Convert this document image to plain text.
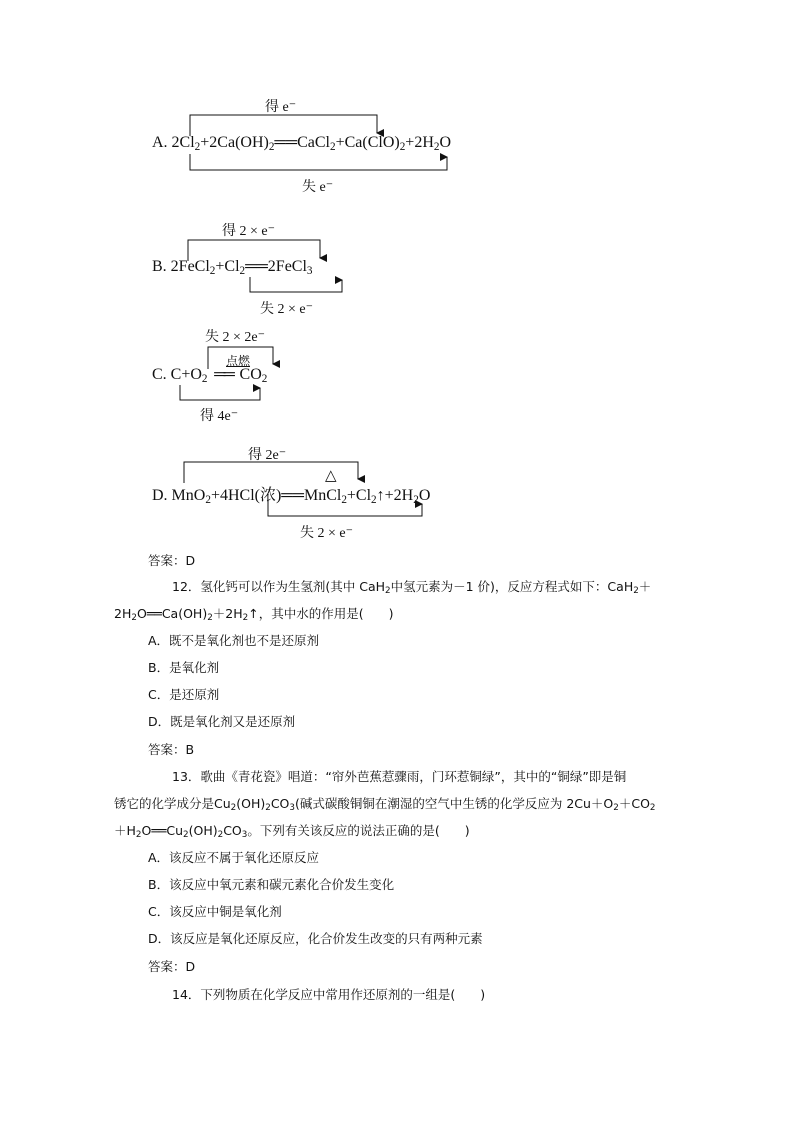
得 e⁻
A. $2Cl_2+2Ca(OH)_2══CaCl_2+Ca(ClO)_2+2H_2O$
失 e⁻
得 2 × e⁻
B. $2FeCl_2+Cl_2══2FeCl_3$
失 2 × e⁻
失 2 × 2e⁻
点燃
C. $C+O_2$ ══ $CO_2$
得 4e⁻
得 2e⁻
△
D. MnO$_2$+4HCl(浓)$══MnCl_2+Cl_2↑+2H_2O$
失 2 × e⁻
答案：D
12．氢化钙可以作为生氢剂(其中 CaH$_2$中氢元素为－1 价)，反应方程式如下：CaH$_2$＋
$2H_2O══Ca(OH)_2+2H_2↑$，其中水的作用是(　　)
A．既不是氧化剂也不是还原剂
B．是氧化剂
C．是还原剂
D．既是氧化剂又是还原剂
答案：B
13．歌曲《青花瓷》唱道：“帘外芭蕉惹骤雨，门环惹铜绿”，其中的“铜绿”即是铜
锈它的化学成分是$Cu_2(OH)_2CO_3$(碱式碳酸铜铜在潮湿的空气中生锈的化学反应为 $2Cu+O_2+CO_2$
$+H_2O══Cu_2(OH)_2CO_3$。下列有关该反应的说法正确的是(　　)
A．该反应不属于氧化还原反应
B．该反应中氧元素和碳元素化合价发生变化
C．该反应中铜是氧化剂
D．该反应是氧化还原反应，化合价发生改变的只有两种元素
答案：D
14．下列物质在化学反应中常用作还原剂的一组是(　　)
